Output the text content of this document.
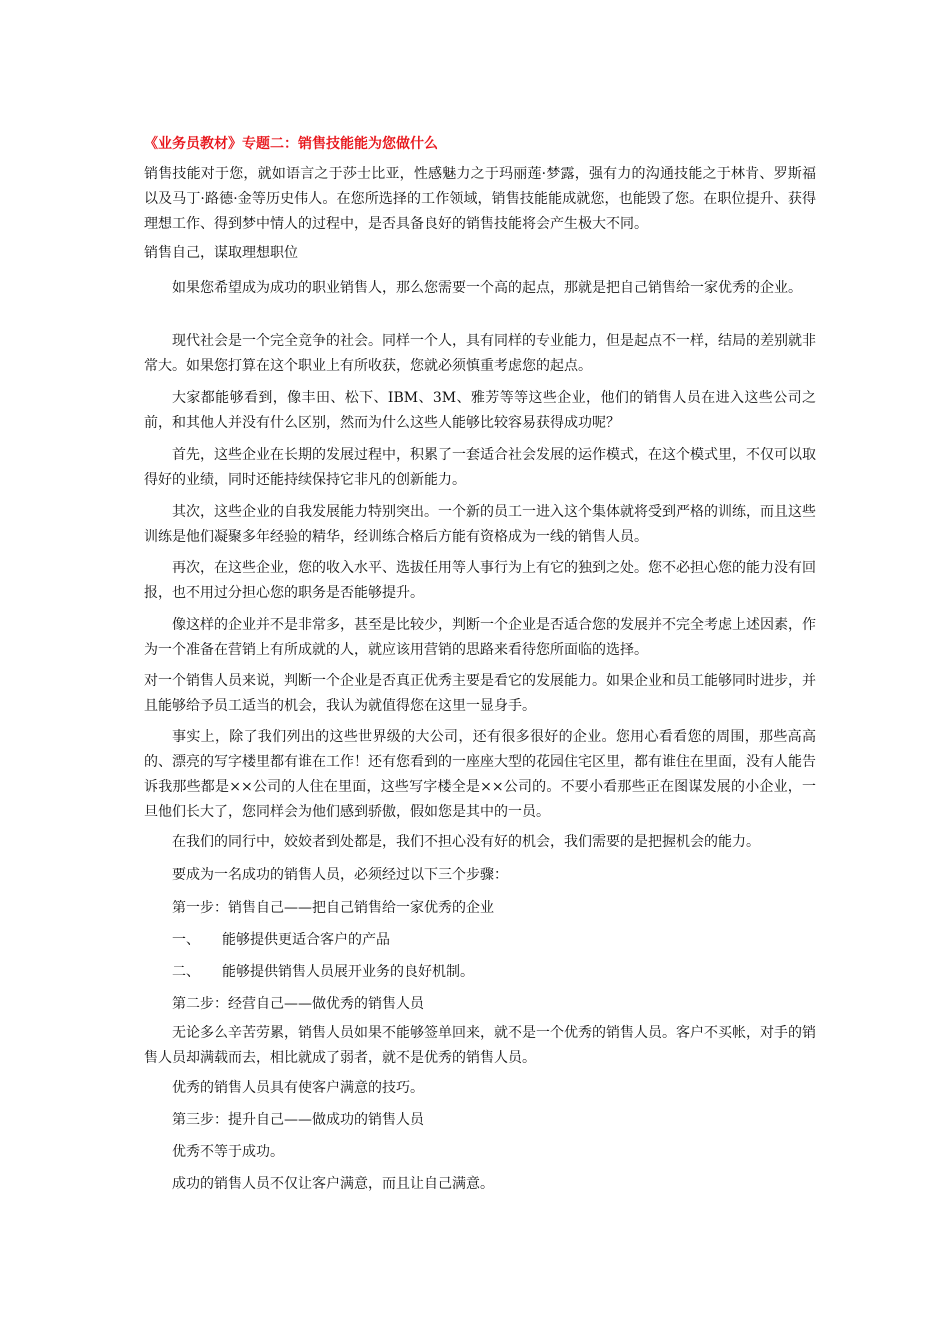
《业务员教材》专题二：销售技能能为您做什么

销售技能对于您，就如语言之于莎士比亚，性感魅力之于玛丽莲·梦露，强有力的沟通技能之于林肯、罗斯福以及马丁·路德·金等历史伟人。在您所选择的工作领域，销售技能能成就您，也能毁了您。在职位提升、获得理想工作、得到梦中情人的过程中，是否具备良好的销售技能将会产生极大不同。

销售自己，谋取理想职位
如果您希望成为成功的职业销售人，那么您需要一个高的起点，那就是把自己销售给一家优秀的企业。

现代社会是一个完全竞争的社会。同样一个人，具有同样的专业能力，但是起点不一样，结局的差别就非常大。如果您打算在这个职业上有所收获，您就必须慎重考虑您的起点。

大家都能够看到，像丰田、松下、IBM、3M、雅芳等等这些企业，他们的销售人员在进入这些公司之前，和其他人并没有什么区别，然而为什么这些人能够比较容易获得成功呢？

首先，这些企业在长期的发展过程中，积累了一套适合社会发展的运作模式，在这个模式里，不仅可以取得好的业绩，同时还能持续保持它非凡的创新能力。

其次，这些企业的自我发展能力特别突出。一个新的员工一进入这个集体就将受到严格的训练，而且这些训练是他们凝聚多年经验的精华，经训练合格后方能有资格成为一线的销售人员。

再次，在这些企业，您的收入水平、选拔任用等人事行为上有它的独到之处。您不必担心您的能力没有回报，也不用过分担心您的职务是否能够提升。

像这样的企业并不是非常多，甚至是比较少，判断一个企业是否适合您的发展并不完全考虑上述因素，作为一个准备在营销上有所成就的人，就应该用营销的思路来看待您所面临的选择。

对一个销售人员来说，判断一个企业是否真正优秀主要是看它的发展能力。如果企业和员工能够同时进步，并且能够给予员工适当的机会，我认为就值得您在这里一显身手。

事实上，除了我们列出的这些世界级的大公司，还有很多很好的企业。您用心看看您的周围，那些高高的、漂亮的写字楼里都有谁在工作！还有您看到的一座座大型的花园住宅区里，都有谁住在里面，没有人能告诉我那些都是××公司的人住在里面，这些写字楼全是××公司的。不要小看那些正在图谋发展的小企业，一旦他们长大了，您同样会为他们感到骄傲，假如您是其中的一员。

在我们的同行中，姣姣者到处都是，我们不担心没有好的机会，我们需要的是把握机会的能力。
要成为一名成功的销售人员，必须经过以下三个步骤：
第一步：销售自己——把自己销售给一家优秀的企业
一、 能够提供更适合客户的产品
二、 能够提供销售人员展开业务的良好机制。
第二步：经营自己——做优秀的销售人员

无论多么辛苦劳累，销售人员如果不能够签单回来，就不是一个优秀的销售人员。客户不买帐，对手的销售人员却满载而去，相比就成了弱者，就不是优秀的销售人员。

优秀的销售人员具有使客户满意的技巧。
第三步：提升自己——做成功的销售人员
优秀不等于成功。
成功的销售人员不仅让客户满意，而且让自己满意。
